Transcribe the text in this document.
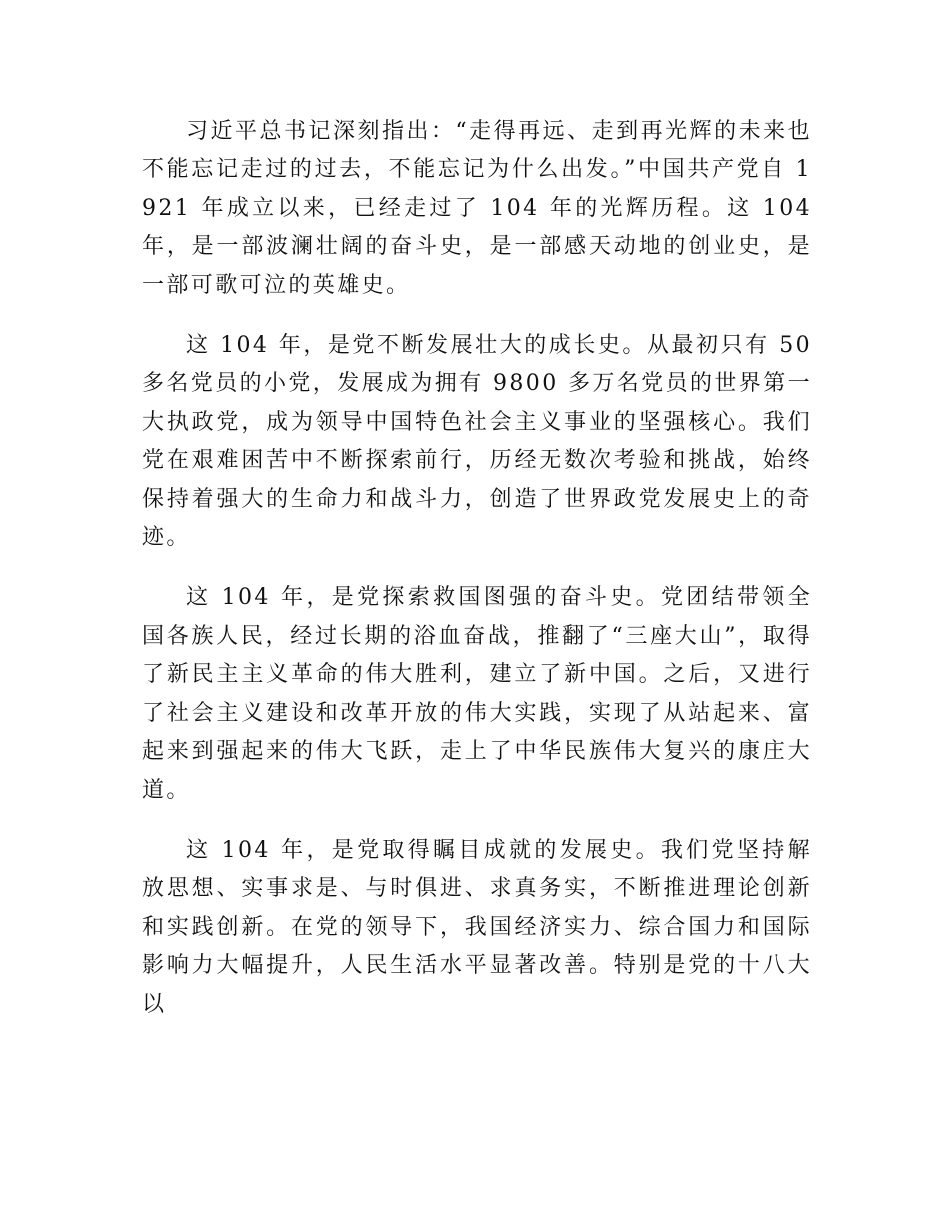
习近平总书记深刻指出：“走得再远、走到再光辉的未来也不能忘记走过的过去，不能忘记为什么出发。”中国共产党自 1921 年成立以来，已经走过了 104 年的光辉历程。这 104 年，是一部波澜壮阔的奋斗史，是一部感天动地的创业史，是一部可歌可泣的英雄史。

这 104 年，是党不断发展壮大的成长史。从最初只有 50 多名党员的小党，发展成为拥有 9800 多万名党员的世界第一大执政党，成为领导中国特色社会主义事业的坚强核心。我们党在艰难困苦中不断探索前行，历经无数次考验和挑战，始终保持着强大的生命力和战斗力，创造了世界政党发展史上的奇迹。

这 104 年，是党探索救国图强的奋斗史。党团结带领全国各族人民，经过长期的浴血奋战，推翻了“三座大山”，取得了新民主主义革命的伟大胜利，建立了新中国。之后，又进行了社会主义建设和改革开放的伟大实践，实现了从站起来、富起来到强起来的伟大飞跃，走上了中华民族伟大复兴的康庄大道。

这 104 年，是党取得瞩目成就的发展史。我们党坚持解放思想、实事求是、与时俱进、求真务实，不断推进理论创新和实践创新。在党的领导下，我国经济实力、综合国力和国际影响力大幅提升，人民生活水平显著改善。特别是党的十八大以
